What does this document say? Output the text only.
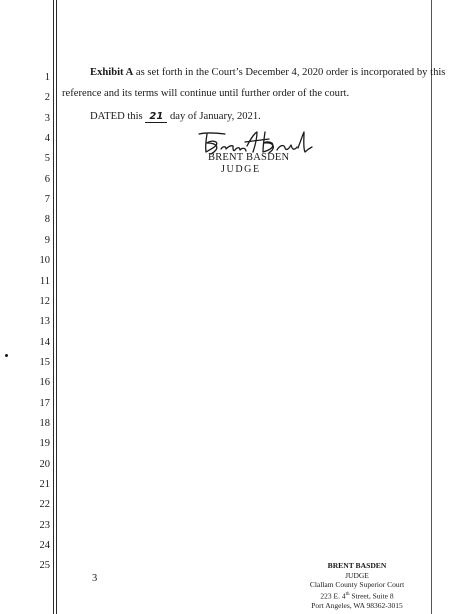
1
2
3
4
5
6
7
8
9
10
11
12
13
14
15
16
17
18
19
20
21
22
23
24
25
Exhibit A as set forth in the Court’s December 4, 2020 order is incorporated by this
reference and its terms will continue until further order of the court.
DATED this 21 day of January, 2021.
BRENT BASDEN
JUDGE
3
BRENT BASDEN
JUDGE
Clallam County Superior Court
223 E. 4th Street, Suite 8
Port Angeles, WA 98362-3015
